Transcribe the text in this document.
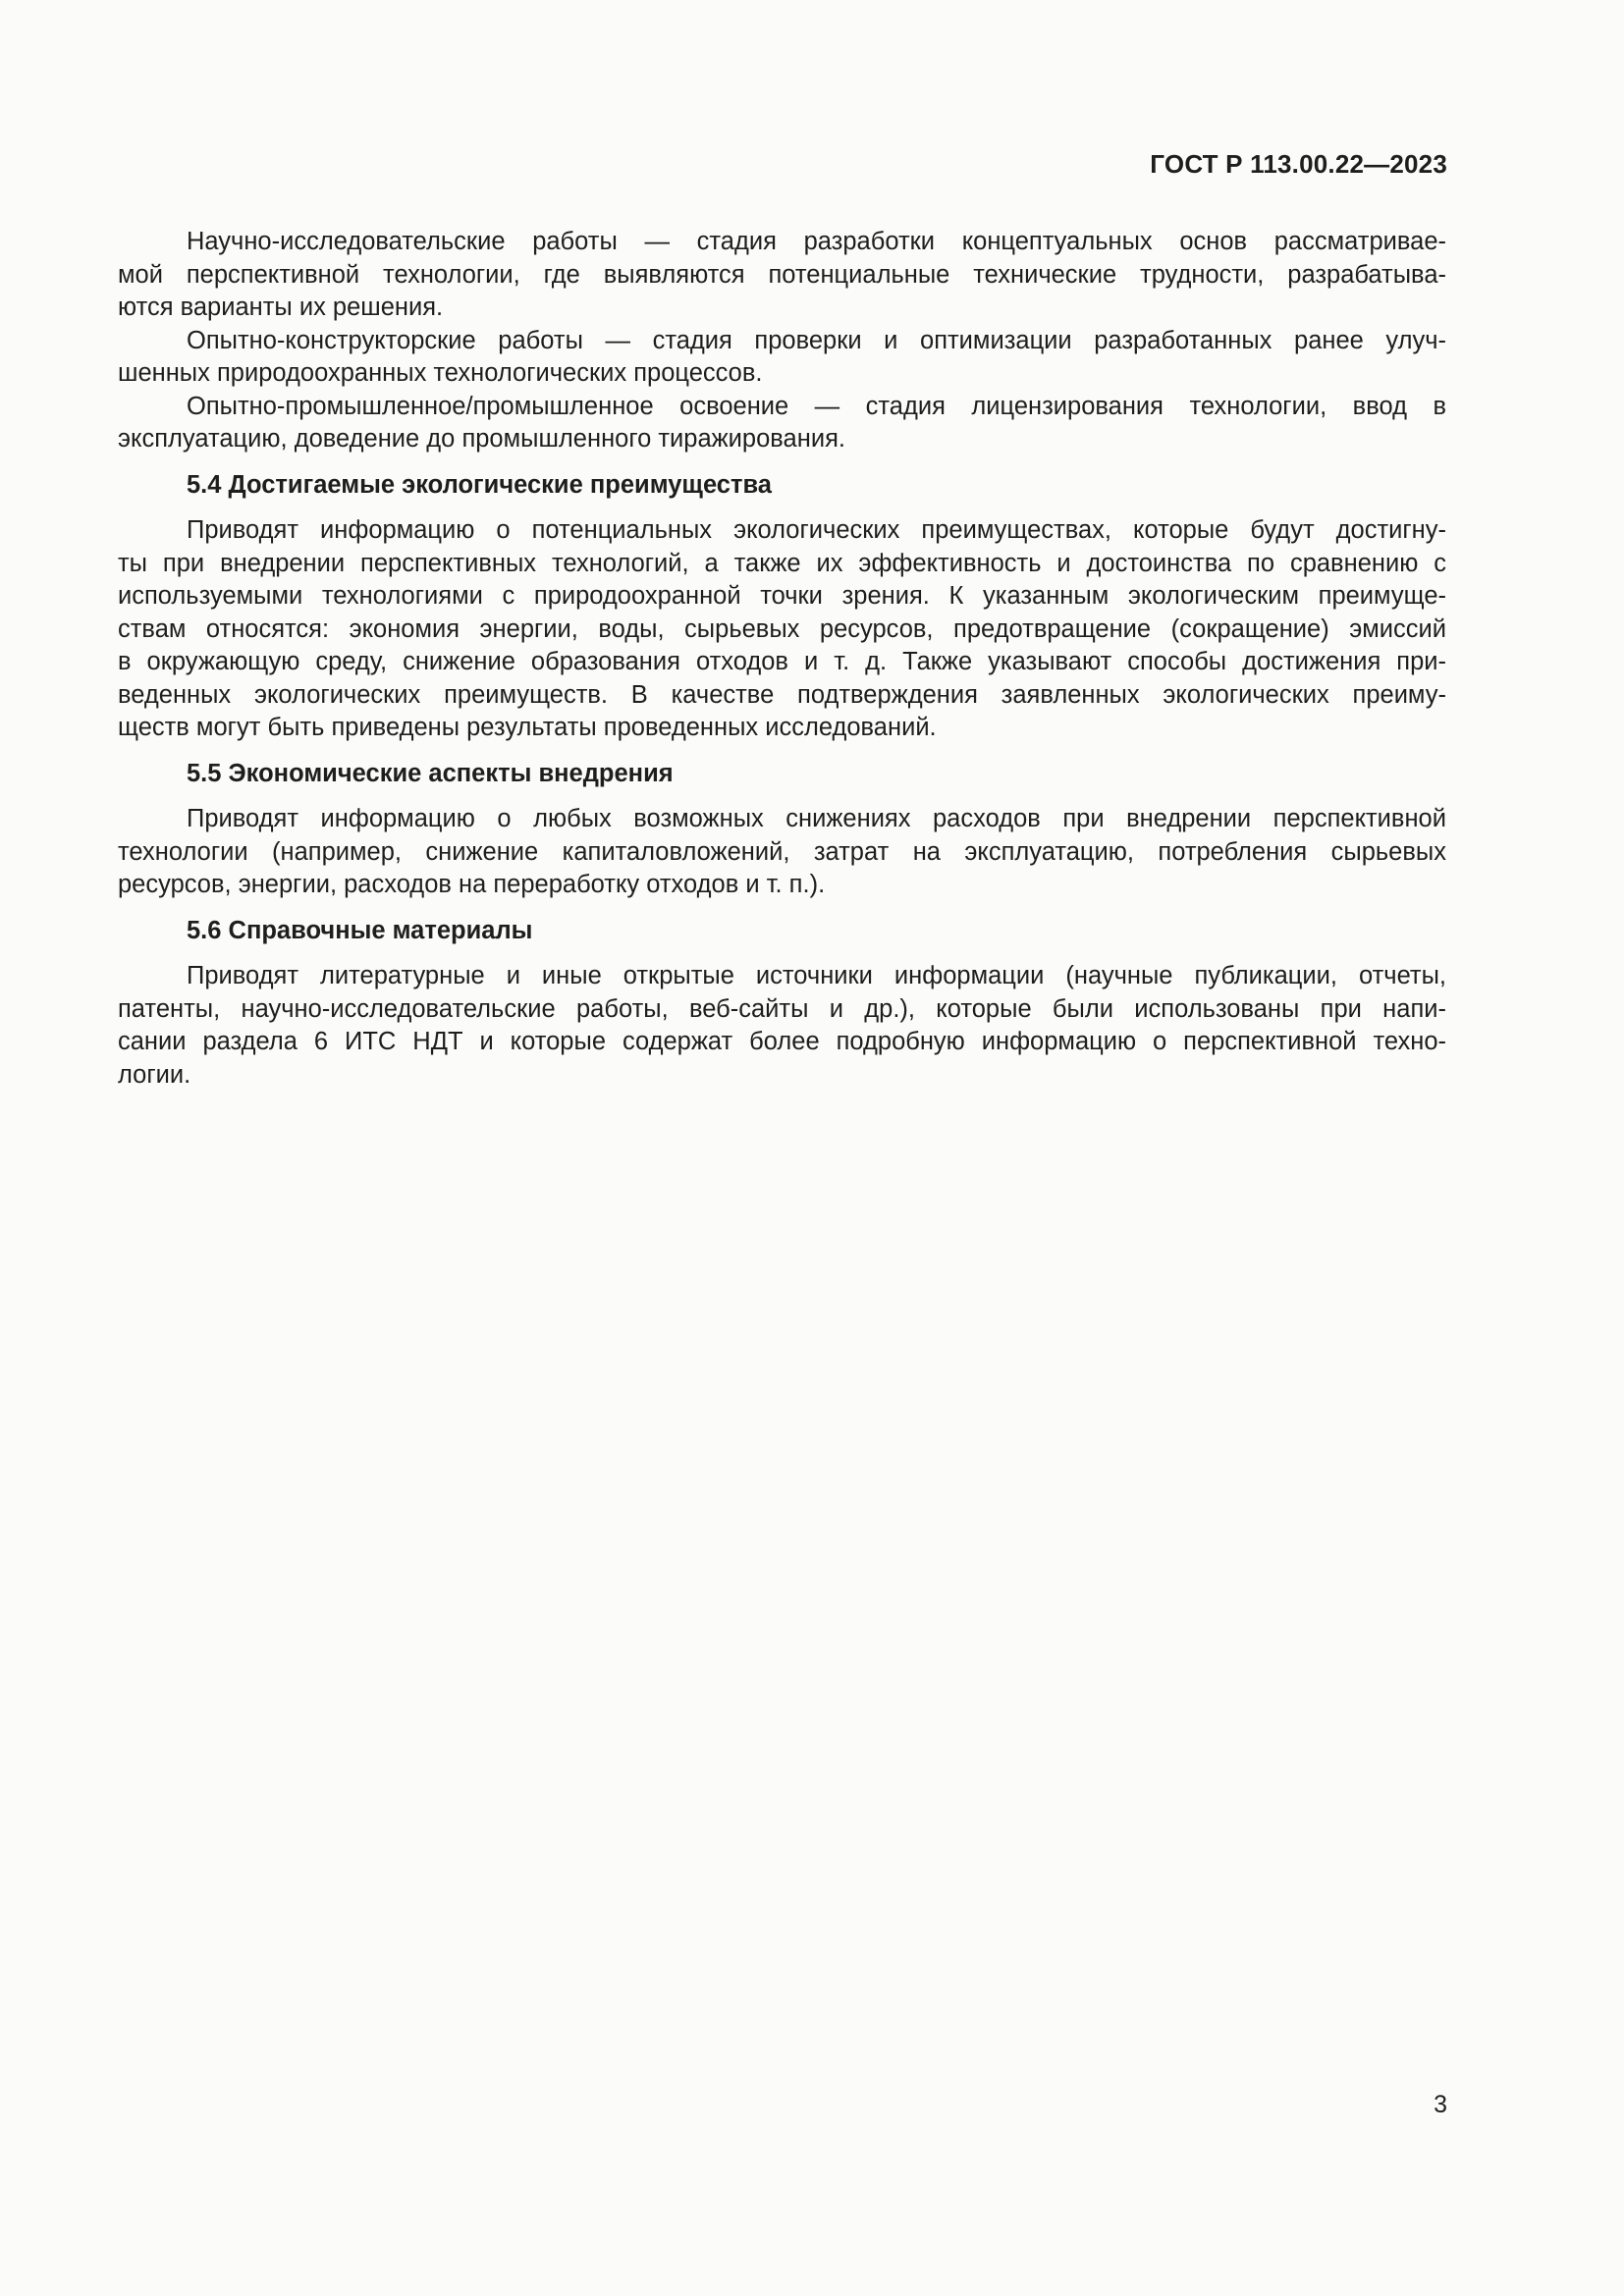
ГОСТ Р 113.00.22—2023
Научно-исследовательские работы — стадия разработки концептуальных основ рассматривае-
мой перспективной технологии, где выявляются потенциальные технические трудности, разрабатыва-
ются варианты их решения.
Опытно-конструкторские работы — стадия проверки и оптимизации разработанных ранее улуч-
шенных природоохранных технологических процессов.
Опытно-промышленное/промышленное освоение — стадия лицензирования технологии, ввод в
эксплуатацию, доведение до промышленного тиражирования.
5.4 Достигаемые экологические преимущества
Приводят информацию о потенциальных экологических преимуществах, которые будут достигну-
ты при внедрении перспективных технологий, а также их эффективность и достоинства по сравнению с
используемыми технологиями с природоохранной точки зрения. К указанным экологическим преимуще-
ствам относятся: экономия энергии, воды, сырьевых ресурсов, предотвращение (сокращение) эмиссий
в окружающую среду, снижение образования отходов и т. д. Также указывают способы достижения при-
веденных экологических преимуществ. В качестве подтверждения заявленных экологических преиму-
ществ могут быть приведены результаты проведенных исследований.
5.5 Экономические аспекты внедрения
Приводят информацию о любых возможных снижениях расходов при внедрении перспективной
технологии (например, снижение капиталовложений, затрат на эксплуатацию, потребления сырьевых
ресурсов, энергии, расходов на переработку отходов и т. п.).
5.6 Справочные материалы
Приводят литературные и иные открытые источники информации (научные публикации, отчеты,
патенты, научно-исследовательские работы, веб-сайты и др.), которые были использованы при напи-
сании раздела 6 ИТС НДТ и которые содержат более подробную информацию о перспективной техно-
логии.
3
